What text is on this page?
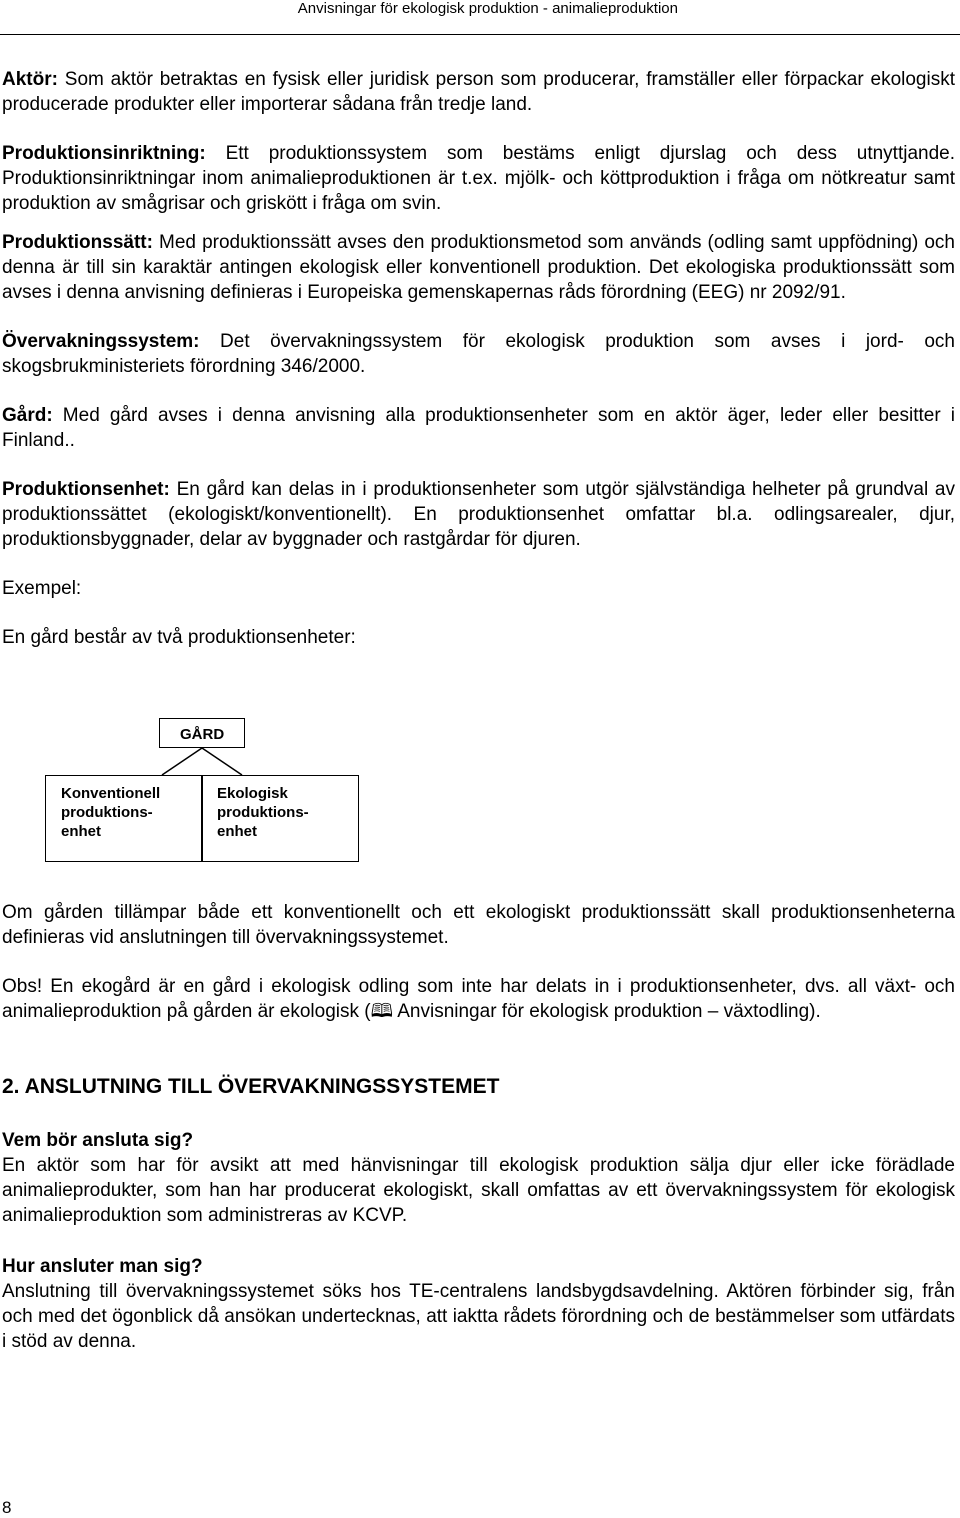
Anvisningar för ekologisk produktion - animalieproduktion

Aktör: Som aktör betraktas en fysisk eller juridisk person som producerar, framställer eller förpackar ekologiskt producerade produkter eller importerar sådana från tredje land.

Produktionsinriktning: Ett produktionssystem som bestäms enligt djurslag och dess utnyttjande. Produktionsinriktningar inom animalieproduktionen är t.ex. mjölk- och köttproduktion i fråga om nötkreatur samt produktion av smågrisar och griskött i fråga om svin.

Produktionssätt: Med produktionssätt avses den produktionsmetod som används (odling samt uppfödning) och denna är till sin karaktär antingen ekologisk eller konventionell produktion. Det ekologiska produktionssätt som avses i denna anvisning definieras i Europeiska gemenskapernas råds förordning (EEG) nr 2092/91.

Övervakningssystem: Det övervakningssystem för ekologisk produktion som avses i jord- och skogsbrukministeriets förordning 346/2000.

Gård: Med gård avses i denna anvisning alla produktionsenheter som en aktör äger, leder eller besitter i Finland..

Produktionsenhet: En gård kan delas in i produktionsenheter som utgör självständiga helheter på grundval av produktionssättet (ekologiskt/konventionellt). En produktionsenhet omfattar bl.a. odlingsarealer, djur, produktionsbyggnader, delar av byggnader och rastgårdar för djuren.

Exempel:

En gård består av två produktionsenheter:

GÅRD
Konventionell
produktions-
enhet
Ekologisk
produktions-
enhet

Om gården tillämpar både ett konventionellt och ett ekologiskt produktionssätt skall produktionsenheterna definieras vid anslutningen till övervakningssystemet.

Obs! En ekogård är en gård i ekologisk odling som inte har delats in i produktionsenheter, dvs. all växt- och animalieproduktion på gården är ekologisk (🕮 Anvisningar för ekologisk produktion – växtodling).

2. ANSLUTNING TILL ÖVERVAKNINGSSYSTEMET
Vem bör ansluta sig?

En aktör som har för avsikt att med hänvisningar till ekologisk produktion sälja djur eller icke förädlade animalieprodukter, som han har producerat ekologiskt, skall omfattas av ett övervakningssystem för ekologisk animalieproduktion som administreras av KCVP.

Hur ansluter man sig?

Anslutning till övervakningssystemet söks hos TE-centralens landsbygdsavdelning. Aktören förbinder sig, från och med det ögonblick då ansökan undertecknas, att iaktta rådets förordning och de bestämmelser som utfärdats i stöd av denna.

8
